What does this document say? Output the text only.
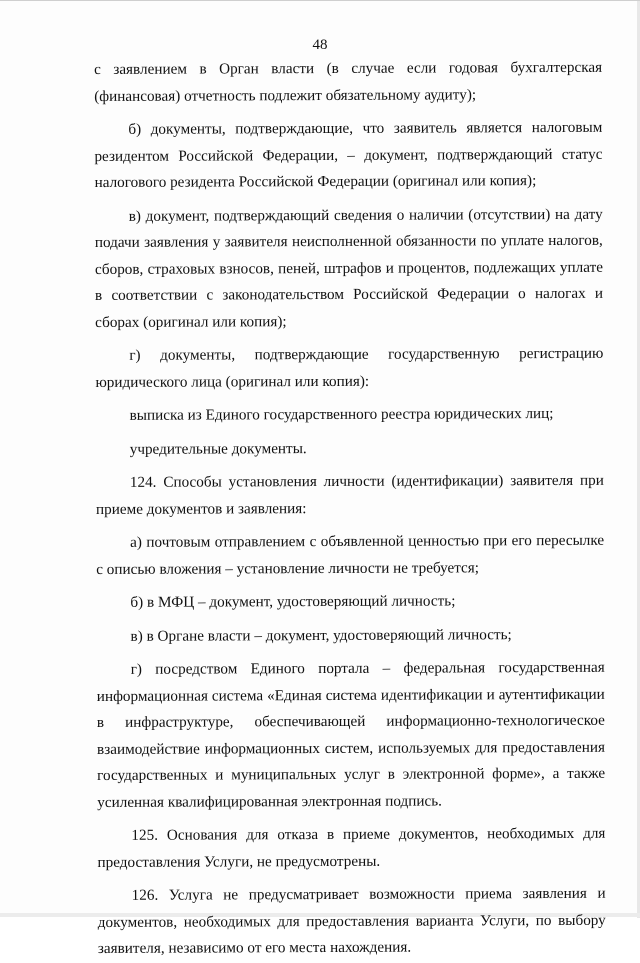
48

с заявлением в Орган власти (в случае если годовая бухгалтерская (финансовая) отчетность подлежит обязательному аудиту);

б) документы, подтверждающие, что заявитель является налоговым резидентом Российской Федерации, – документ, подтверждающий статус налогового резидента Российской Федерации (оригинал или копия);

в) документ, подтверждающий сведения о наличии (отсутствии) на дату подачи заявления у заявителя неисполненной обязанности по уплате налогов, сборов, страховых взносов, пеней, штрафов и процентов, подлежащих уплате в соответствии с законодательством Российской Федерации о налогах и сборах (оригинал или копия);

г) документы, подтверждающие государственную регистрацию юридического лица (оригинал или копия):

выписка из Единого государственного реестра юридических лиц;

учредительные документы.

124. Способы установления личности (идентификации) заявителя при приеме документов и заявления:

а) почтовым отправлением с объявленной ценностью при его пересылке с описью вложения – установление личности не требуется;

б) в МФЦ – документ, удостоверяющий личность;

в) в Органе власти – документ, удостоверяющий личность;

г) посредством Единого портала – федеральная государственная информационная система «Единая система идентификации и аутентификации в инфраструктуре, обеспечивающей информационно-технологическое взаимодействие информационных систем, используемых для предоставления государственных и муниципальных услуг в электронной форме», а также усиленная квалифицированная электронная подпись.

125. Основания для отказа в приеме документов, необходимых для предоставления Услуги, не предусмотрены.

126. Услуга не предусматривает возможности приема заявления и документов, необходимых для предоставления варианта Услуги, по выбору заявителя, независимо от его места нахождения.
